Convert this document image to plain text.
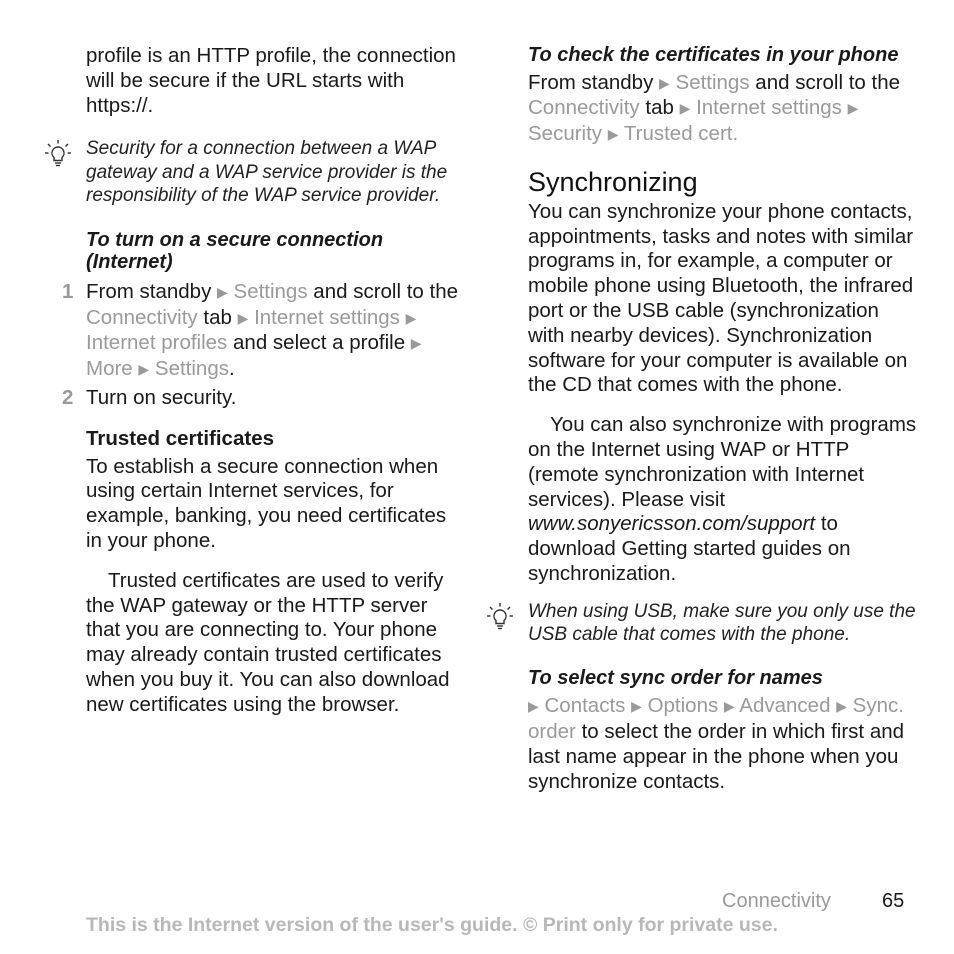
profile is an HTTP profile, the connection will be secure if the URL starts with https://.

Security for a connection between a WAP gateway and a WAP service provider is the responsibility of the WAP service provider.

To turn on a secure connection (Internet)

1 From standby ▶ Settings and scroll to the Connectivity tab ▶ Internet settings ▶ Internet profiles and select a profile ▶ More ▶ Settings.

2 Turn on security.

Trusted certificates

To establish a secure connection when using certain Internet services, for example, banking, you need certificates in your phone.

Trusted certificates are used to verify the WAP gateway or the HTTP server that you are connecting to. Your phone may already contain trusted certificates when you buy it. You can also download new certificates using the browser.

To check the certificates in your phone

From standby ▶ Settings and scroll to the Connectivity tab ▶ Internet settings ▶ Security ▶ Trusted cert.

Synchronizing

You can synchronize your phone contacts, appointments, tasks and notes with similar programs in, for example, a computer or mobile phone using Bluetooth, the infrared port or the USB cable (synchronization with nearby devices). Synchronization software for your computer is available on the CD that comes with the phone.

You can also synchronize with programs on the Internet using WAP or HTTP (remote synchronization with Internet services). Please visit www.sonyericsson.com/support to download Getting started guides on synchronization.

When using USB, make sure you only use the USB cable that comes with the phone.

To select sync order for names

▶ Contacts ▶ Options ▶ Advanced ▶ Sync. order to select the order in which first and last name appear in the phone when you synchronize contacts.

Connectivity	65
This is the Internet version of the user's guide. © Print only for private use.
